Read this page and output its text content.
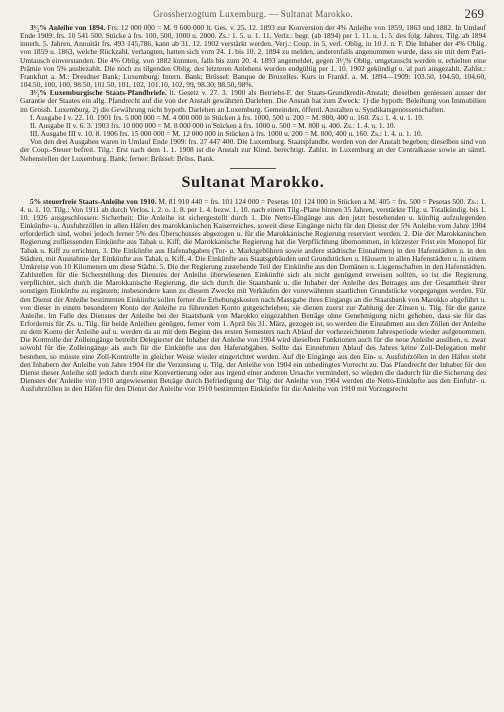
Grossherzogtum Luxemburg. — Sultanat Marokko.	269

3¹⁄₂% Anleihe von 1894. Frs. 12 000 000 = M. 9 600 000 lt. Ges. v. 25. 12. 1893 zur Konversion der 4% Anleihe von 1859, 1863 und 1882. In Umlauf Ende 1909: frs. 10 541 500. Stücke à frs. 100, 500, 1000 u. 2000. Zs.: 1. 5. u. 1. 11. Verlz.: begr. (ab 1894) per 1. 11. u. 1. 5. des folg. Jahres. Tilg. ab 1894 innerh. 5. Jahren, Annuität frs. 493 145,786, kann ab 31. 12. 1902 verstärkt werden. Verj.: Coup. in 5, verl. Oblig. in 10 J. n. F. Die Inhaber der 4% Oblig. von 1859 u. 1863, welche Rückzahl. verlangten, hatten sich vom 24. 1. bis 10. 2. 1894 zu melden, anderenfalls angenommen wurde, dass sie mit dem Pari-Umtausch einverstanden. Die 4% Oblig. von 1882 konnten, falls bis zum 20. 4. 1893 angemeldet, gegen 3¹⁄₂% Oblig. umgetauscht werden u. erhielten eine Prämie von 5% ausbezahlt. Die noch zu tilgenden Oblig. des letzteren Anlehens wurden endgültig per 1. 10. 1902 gekündigt u. al pari ausgezahlt. Zahlst.: Frankfurt a. M.: Dresdner Bank; Luxemburg: Intern. Bank; Brüssel: Banque de Bruxelles. Kurs in Frankf. a. M. 1894—1909: 103.50, 104.50, 104.60, 104.50, 100, 100, 98.50, 101.50, 101, 102, 101.10, 102, 99, 98.30, 98.50, 98%.

3¹⁄₂% Luxemburgische Staats-Pfandbriefe. lt. Gesetz v. 27. 3. 1900 als Betriebs-F. der Staats-Grundkredit-Anstalt; dieselben geniessen ausser der Garantie der Staates ein allg. Pfandrecht auf die von der Anstalt gewährten Darlehen. Die Anstalt hat zum Zweck: 1) die hypoth. Beleihung von Immobilien im Grossh. Luxemburg. 2) die Gewährung nicht hypoth. Darlehen an Luxemburg. Gemeinden, öffentl. Anstalten u. Syndikatsgenossenschaften.

I. Ausgabe I v. 22. 10. 1901 frs. 5 000 000 = M. 4 000 000 in Stücken à frs. 1000, 500 u. 200 = M. 800, 400 u. 160. Zs.: 1. 4. u. 1. 10.

II. Ausgabe II v. 6. 3. 1903 frs. 10 000 000 = M. 8 000 000 in Stücken à frs. 1000 u. 500 = M. 800 u. 400. Zs.: 1. 4. u. 1. 10.

III. Ausgabe III v. 10. 8. 1906 frs. 15 000 000 = M. 12 000 000 in Stücken à frs. 1000 u. 200 = M. 800, 400 u. 160. Zs.: 1. 4. u. 1. 10.

Von den drei Ausgaben waren in Umlauf Ende 1909: frs. 27 447 400. Die Luxemburg. Staatspfandbr. werden von der Anstalt begeben; dieselben sind von der Coup.-Steuer befreit. Tilg.: Erst nach dem 1. 1. 1908 ist die Anstalt zur Künd. berechtigt. Zahlst. in Luxemburg an der Centralkasse sowie an sämtl. Nebenstellen der Luxemburg. Bank; ferner: Brüssel: Brüss. Bank.

Sultanat Marokko.

5% steuerfreie Staats-Anleihe von 1910. M. 81 910 440 = frs. 101 124 000 = Pesetas 101 124 000 in Stücken a M. 405 = frs. 500 = Pesetas 500. Zs.: 1. 4. u. 1. 10. Tilg.: Von 1911 ab durch Verlos. i. 2. o. 1. 8. per 1. 4. bezw. 1. 10. nach einem Tilg.-Plane binnen 35 Jahren, verstärkte Tilg. u. Totalkündig. bis 1. 10. 1926 ausgeschlossen. Sicherheit: Die Anleihe ist sichergestellt durch 1. Die Netto-Eingänge aus den jetzt bestehenden u. künftig aufzulegenden Einkünfte- u. Ausfuhrzöllen in allen Häfen des marokkanischen Kaiserreiches, soweit diese Eingänge nicht für den Dienst der 5% Anleihe vom Jahre 1904 erforderlich sind, wobei jedoch ferner 5% des Überschusses abgezogen u. für die Marokkanische Regierung reserviert werden. 2. Die der Marokkanischen Regierung zufliessenden Einkünfte aus Tabak u. Kiff; die Marokkanische Regierung hat die Verpflichtung übernommen, in kürzester Frist ein Monopol für Tabak u. Kiff zu errichten. 3. Die Einkünfte aus Hafenabgaben (Tor- u. Marktgebühren sowie andere städtische Einnahmen) in den Hafenstädten u. in den Städten, mit Ausnahme der Einkünfte aus Tabak u. Kiff. 4. Die Einkünfte aus Staatsgebäuden und Grundstücken u. Häusern in allen Hafenstädten u. in einem Umkreise von 10 Kilometern um diese Städte. 5. Die der Regierung zustehende Teil der Einkünfte aus den Domänen u. Liegenschaften in den Hafenstädten. Zahlstellen für die Sicherstellung des Dienstes der Anleihe überwiesenen Einkünfte sich als nicht genügend erweisen sollten, so ist die Regierung verpflichtet, sich durch die Marokkanische Regierung, die sich durch die Staatsbank u. die Inhaber der Anleihe des Betrages aus der Gesamtheit ihrer sonstigen Einkünfte zu ergänzen; insbesondere kann zu diesem Zwecke mit Verkäufen der vorerwähnten staatlichen Grundstücke vorgegangen werden. Für den Dienst der Anleihe bestimmten Einkünfte sollen ferner die Erhebungskosten nach Massgabe ihres Eingangs an die Staatsbank von Marokko abgeführt u. von dieser in einem besonderen Konto der Anleihe zu führenden Konto gutgeschrieben; sie dienen zuerst zur Zahlung der Zinsen u. Tilg. für die ganze Anleihe. Im Falle des Dienstes der Anleihe bei der Staatsbank von Marokko eingezahlten Beträge ohne Genehmigung nicht gehoben, dass sie für das Erfordernis für Zs. u. Tilg. für beide Anleihen genügen, ferner vom 1. April bis 31. März, gezogen ist, so werden die Einnahmen aus den Zöllen der Anleihe zu dem Konto der Anleihe auf u. werden da an mit dem Beginn des ersten Semesters nach Ablauf der vorhezeichneten Jahresperiode wieder aufgenommen. Die Kontrolle der Zolleingänge betreibt Delegierter der Inhaber der Anleihe von 1904 wird dieselben Funktionen auch für die neue Anleihe ausüben, u. zwar sowohl für die Zolleingänge als auch für die Einkünfte aus den Hafenabgaben. Sollte das Einnehmen Ablauf des Jahres keine Zoll-Delegation mehr bestehen, so müsste eine Zoll-Kontrolle in gleicher Weise wieder eingerichtet werden. Auf die Eingänge aus den Ein- u. Ausfuhrzöllen in den Häfen steht den Inhabern der Anleihe von Jahre 1904 für die Verzinsung u. Tilg. der Anleihe von 1904 ein unbedingtes Vorrecht zu. Das Pfandrecht der Inhaber für den Dienst dieser Anleihe soll jedoch durch eine Konvertierung oder aus irgend einer anderen Ursache vermindert, so würden die dadurch für die Sicherung des Dienstes der Anleihe von 1910 angewiesenen Beträge durch Befriedigung der Tilg. der Anleihe von 1904 werden die Netto-Einkünfte aus den Einfuhr- u. Ausfuhrzöllen in den Häfen für den Dienst der Anleihe von 1910 bestimmten Einkünfte für die Anleihe von 1910 mit Vorzugsrecht
